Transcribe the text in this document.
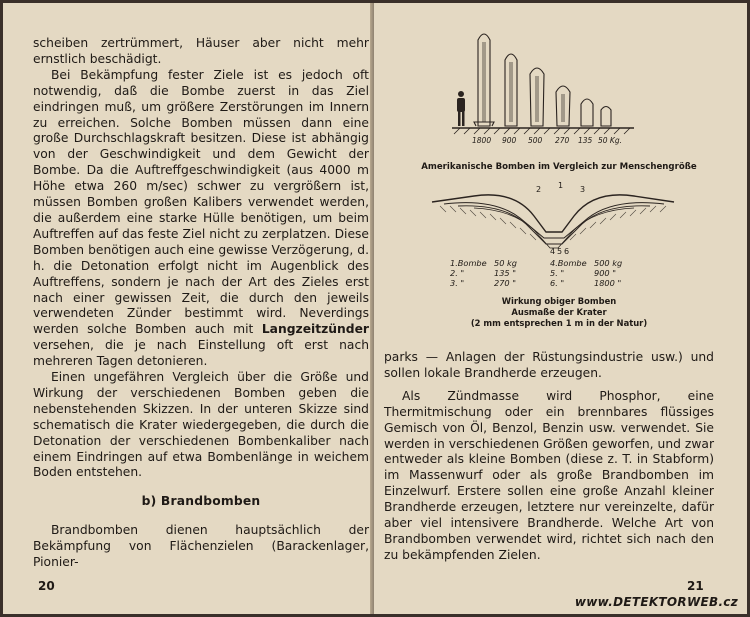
scheiben zertrümmert, Häuser aber nicht mehr ernstlich beschädigt.

Bei Bekämpfung fester Ziele ist es jedoch oft notwendig, daß die Bombe zuerst in das Ziel eindringen muß, um größere Zerstörungen im Innern zu erreichen. Solche Bomben müssen dann eine große Durchschlagskraft besitzen. Diese ist abhängig von der Geschwindigkeit und dem Gewicht der Bombe. Da die Auftreffgeschwindigkeit (aus 4000 m Höhe etwa 260 m/sec) schwer zu vergrößern ist, müssen Bomben großen Kalibers verwendet werden, die außerdem eine starke Hülle benötigen, um beim Auftreffen auf das feste Ziel nicht zu zerplatzen. Diese Bomben benötigen auch eine gewisse Verzögerung, d. h. die Detonation erfolgt nicht im Augenblick des Auftreffens, sondern je nach der Art des Zieles erst nach einer gewissen Zeit, die durch den jeweils verwendeten Zünder bestimmt wird. Neverdings werden solche Bomben auch mit Langzeitzünder versehen, die je nach Einstellung oft erst nach mehreren Tagen detonieren.

Einen ungefähren Vergleich über die Größe und Wirkung der verschiedenen Bomben geben die nebenstehenden Skizzen. In der unteren Skizze sind schematisch die Krater wiedergegeben, die durch die Detonation der verschiedenen Bombenkaliber nach einem Eindringen auf etwa Bombenlänge in weichem Boden entstehen.

b) Brandbomben

Brandbomben dienen hauptsächlich der Bekämpfung von Flächenzielen (Barackenlager, Pionier-

20
1800 900 500 270 135 50 Kg.
Amerikanische Bomben im Vergleich zur Menschengröße
1
2	3
4 5 6
1.Bombe 50 kg	4.Bombe 500 kg
2. "	135 "	5. "	900 "
3. "	270 "	6. "	1800 "
Wirkung obiger Bomben
Ausmaße der Krater
(2 mm entsprechen 1 m in der Natur)

parks — Anlagen der Rüstungsindustrie usw.) und sollen lokale Brandherde erzeugen.

Als Zündmasse wird Phosphor, eine Thermitmischung oder ein brennbares flüssiges Gemisch von Öl, Benzol, Benzin usw. verwendet. Sie werden in verschiedenen Größen geworfen, und zwar entweder als kleine Bomben (diese z. T. in Stabform) im Massenwurf oder als große Brandbomben im Einzelwurf. Erstere sollen eine große Anzahl kleiner Brandherde erzeugen, letztere nur vereinzelte, dafür aber viel intensivere Brandherde. Welche Art von Brandbomben verwendet wird, richtet sich nach den zu bekämpfenden Zielen.

21
www.DETEKTORWEB.cz
